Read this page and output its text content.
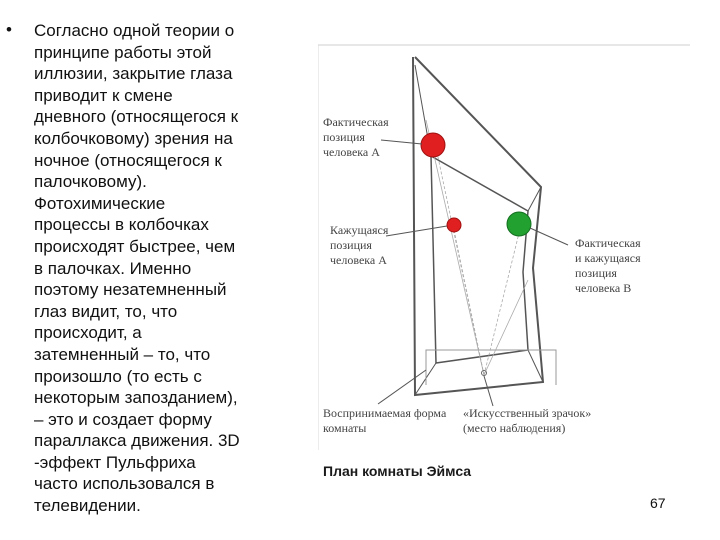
• Согласно одной теории о
принципе работы этой
иллюзии, закрытие глаза
приводит к смене
дневного (относящегося к
колбочковому) зрения на
ночное (относящегося к
палочковому).
Фотохимические
процессы в колбочках
происходят быстрее, чем
в палочках. Именно
поэтому незатемненный
глаз видит, то, что
происходит, а
затемненный – то, что
произошло (то есть с
некоторым запозданием),
– это и создает форму
параллакса движения. 3D
-эффект Пульфриха
часто использовался в
телевидении.

Фактическая позиция человека А
Кажущаяся позиция человека А
Фактическая и кажущаяся позиция человека В
Воспринимаемая форма комнаты
«Искусственный зрачок» (место наблюдения)
План комнаты Эймса
67
